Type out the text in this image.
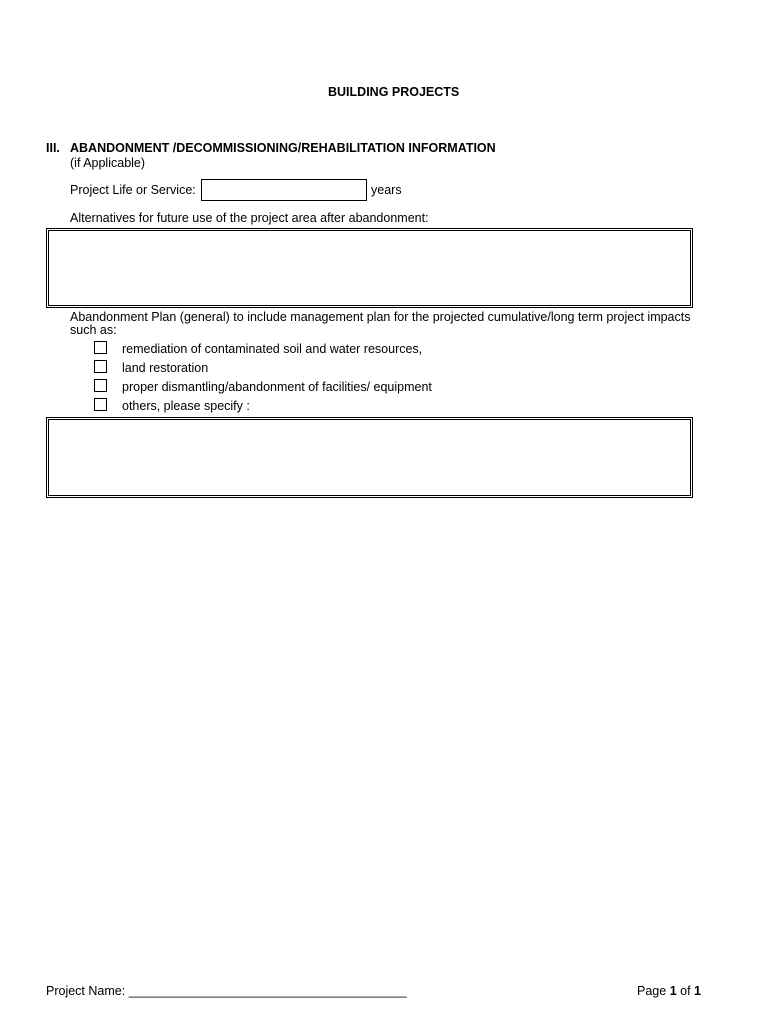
BUILDING PROJECTS
III. ABANDONMENT /DECOMMISSIONING/REHABILITATION INFORMATION
(if Applicable)
Project Life or Service:	years
Alternatives for future use of the project area after abandonment:
Abandonment Plan (general) to include management plan for the projected cumulative/long term project impacts
such as:
remediation of contaminated soil and water resources,
land restoration
proper dismantling/abandonment of facilities/ equipment
others, please specify :
Project Name: ________________________________________	Page 1 of 1
